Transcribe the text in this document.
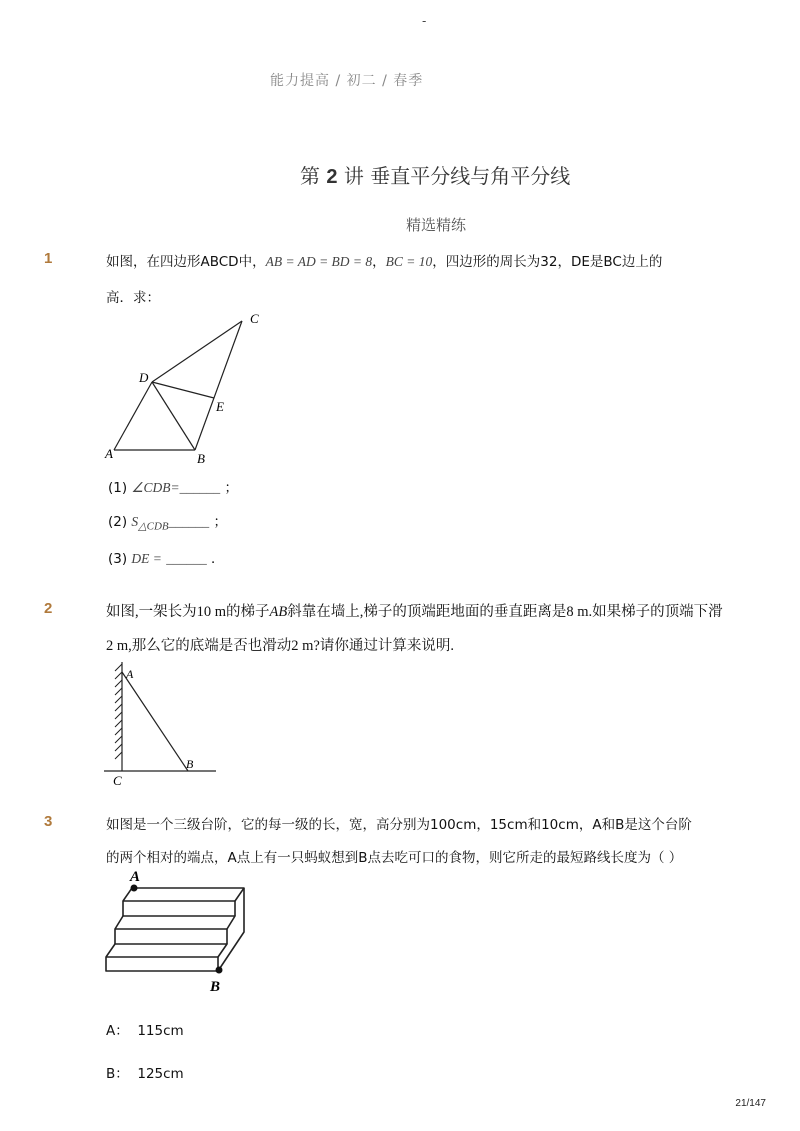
-
能力提高 / 初二 / 春季
第 2 讲 垂直平分线与角平分线
精选精练
1	如图，在四边形ABCD中，AB = AD = BD = 8，BC = 10，四边形的周长为32，DE是BC边上的
高．求：
A	B
C
D
E
(1) ∠CDB=______ ；
(2) $S_{\triangle CDB}\_\_\_\_\_\_$ ；
(3) DE = ______ ．
2	如图,一架长为10 m的梯子AB斜靠在墙上,梯子的顶端距地面的垂直距离是8 m.如果梯子的顶端下滑
2 m,那么它的底端是否也滑动2 m?请你通过计算来说明.
A
B
C
3	如图是一个三级台阶，它的每一级的长，宽，高分别为100cm，15cm和10cm，A和B是这个台阶
的两个相对的端点，A点上有一只蚂蚁想到B点去吃可口的食物，则它所走的最短路线长度为（ ）
A
B
A： 115cm
B： 125cm
21/147
